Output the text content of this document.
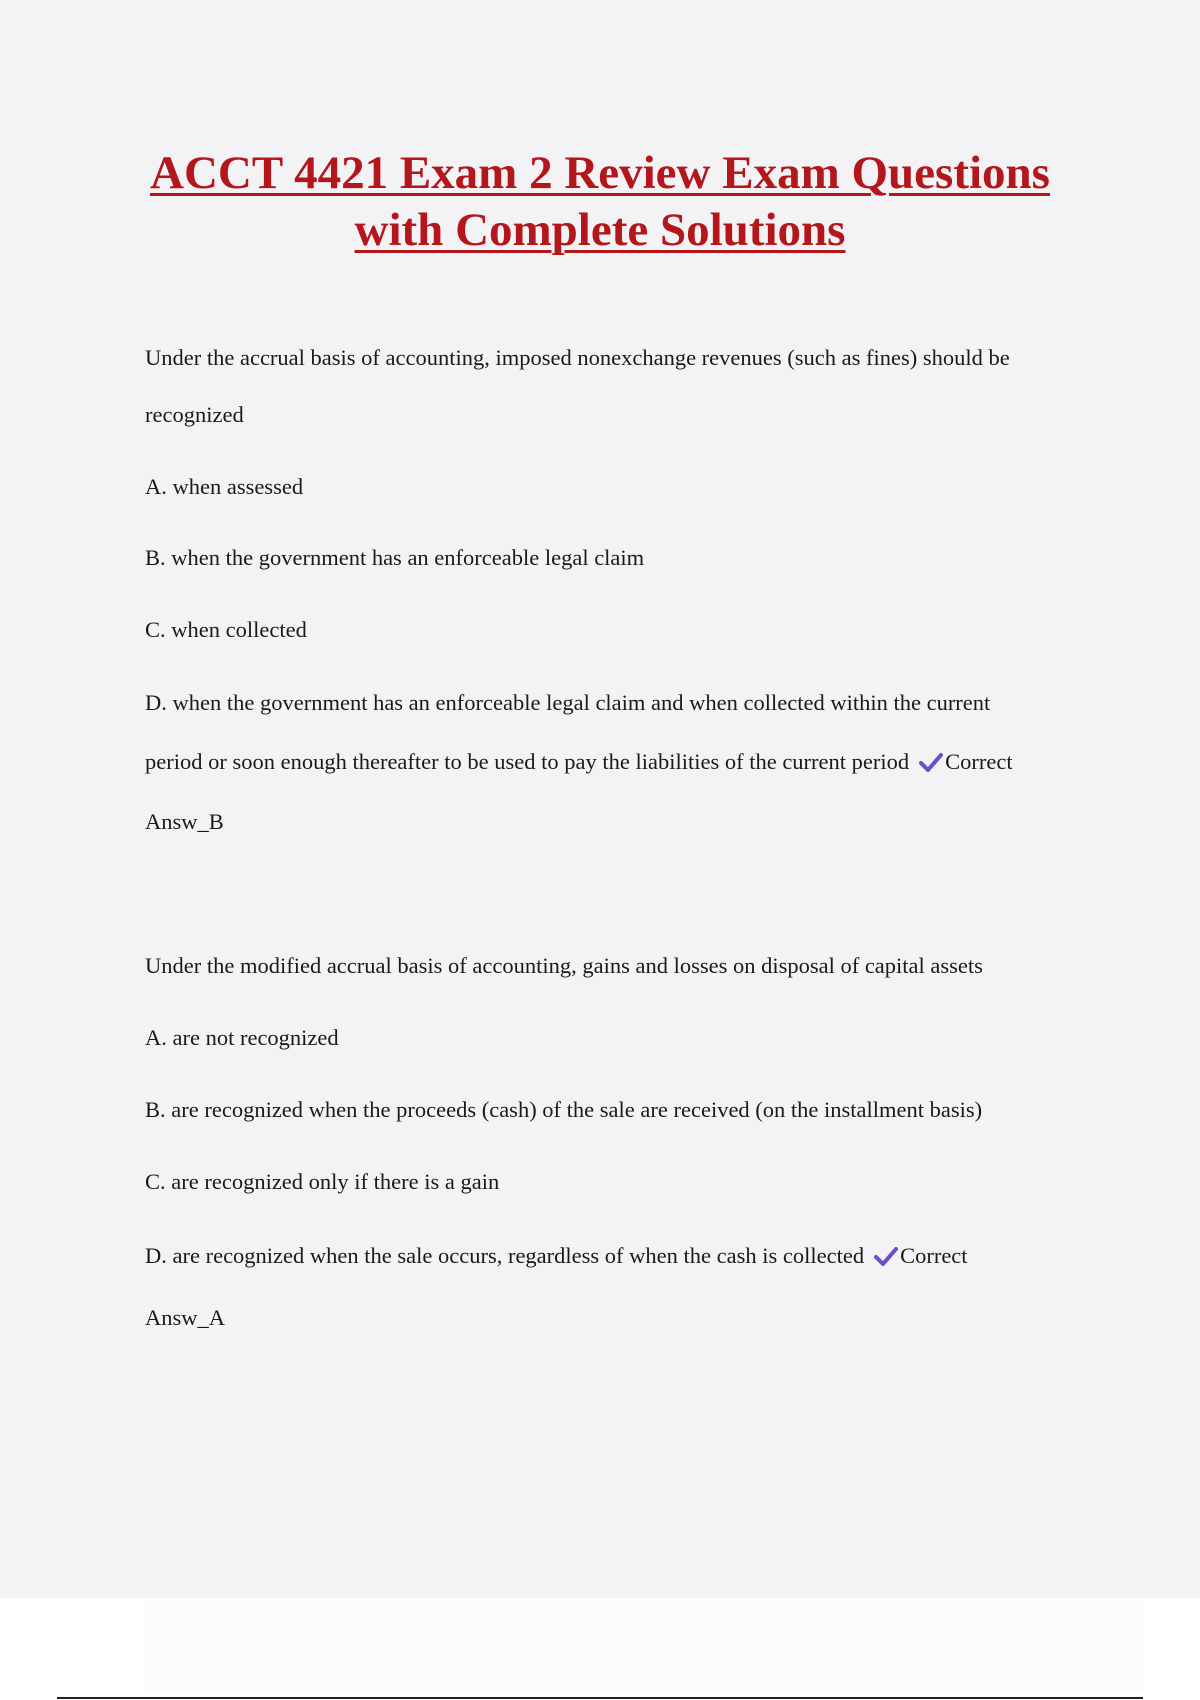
ACCT 4421 Exam 2 Review Exam Questions
with Complete Solutions

Under the accrual basis of accounting, imposed nonexchange revenues (such as fines) should be

recognized

A. when assessed

B. when the government has an enforceable legal claim

C. when collected

D. when the government has an enforceable legal claim and when collected within the current

period or soon enough thereafter to be used to pay the liabilities of the current period Correct

Answ_B

Under the modified accrual basis of accounting, gains and losses on disposal of capital assets

A. are not recognized

B. are recognized when the proceeds (cash) of the sale are received (on the installment basis)

C. are recognized only if there is a gain

D. are recognized when the sale occurs, regardless of when the cash is collected Correct

Answ_A
